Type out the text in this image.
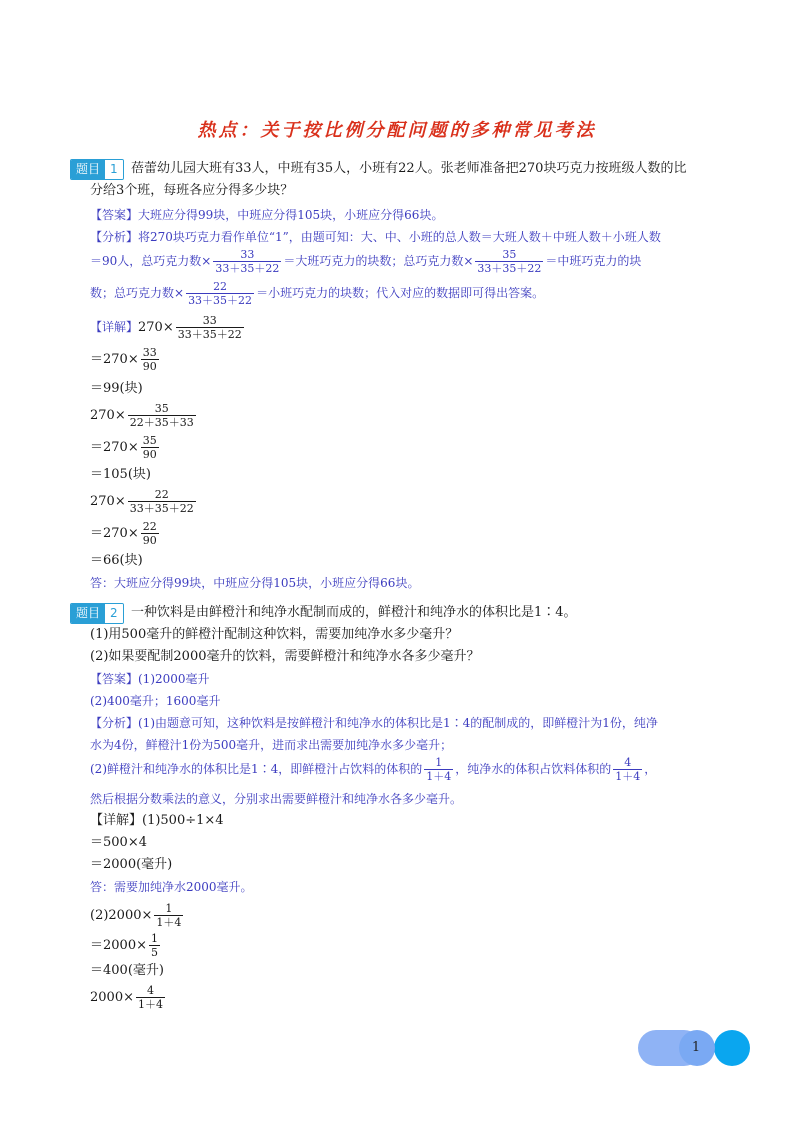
热点：关于按比例分配问题的多种常见考法
题目 1	蓓蕾幼儿园大班有33人，中班有35人，小班有22人。张老师准备把270块巧克力按班级人数的比
分给3个班，每班各应分得多少块？
【答案】大班应分得99块，中班应分得105块，小班应分得66块。
【分析】将270块巧克力看作单位“1”，由题可知：大、中、小班的总人数＝大班人数＋中班人数＋小班人数
＝90人，总巧克力数× $\frac{33}{33+35+22}$ ＝大班巧克力的块数；总巧克力数× $\frac{35}{33+35+22}$ ＝中班巧克力的块
数；总巧克力数× $\frac{22}{33+35+22}$ ＝小班巧克力的块数；代入对应的数据即可得出答案。
【详解】$270\times \frac{33}{33+35+22}$
$=270\times \frac{33}{90}$
＝99(块)
$270\times \frac{35}{22+35+33}$
$=270\times \frac{35}{90}$
＝105(块)
$270\times \frac{22}{33+35+22}$
$=270\times \frac{22}{90}$
＝66(块)
答：大班应分得99块，中班应分得105块，小班应分得66块。
题目 2	一种饮料是由鲜橙汁和纯净水配制而成的，鲜橙汁和纯净水的体积比是1∶4。
(1)用500毫升的鲜橙汁配制这种饮料，需要加纯净水多少毫升？
(2)如果要配制2000毫升的饮料，需要鲜橙汁和纯净水各多少毫升？
【答案】(1)2000毫升
(2)400毫升；1600毫升
【分析】(1)由题意可知，这种饮料是按鲜橙汁和纯净水的体积比是1∶4的配制成的，即鲜橙汁为1份，纯净
水为4份，鲜橙汁1份为500毫升，进而求出需要加纯净水多少毫升；
(2)鲜橙汁和纯净水的体积比是1∶4，即鲜橙汁占饮料的体积的 $\frac{1}{1+4}$ ，纯净水的体积占饮料体积的 $\frac{4}{1+4}$ ，
然后根据分数乘法的意义，分别求出需要鲜橙汁和纯净水各多少毫升。
【详解】(1)500÷1×4
＝500×4
＝2000(毫升)
答：需要加纯净水2000毫升。
$(2)2000\times \frac{1}{1+4}$
$=2000\times \frac{1}{5}$
＝400(毫升)
$2000\times \frac{4}{1+4}$
1
